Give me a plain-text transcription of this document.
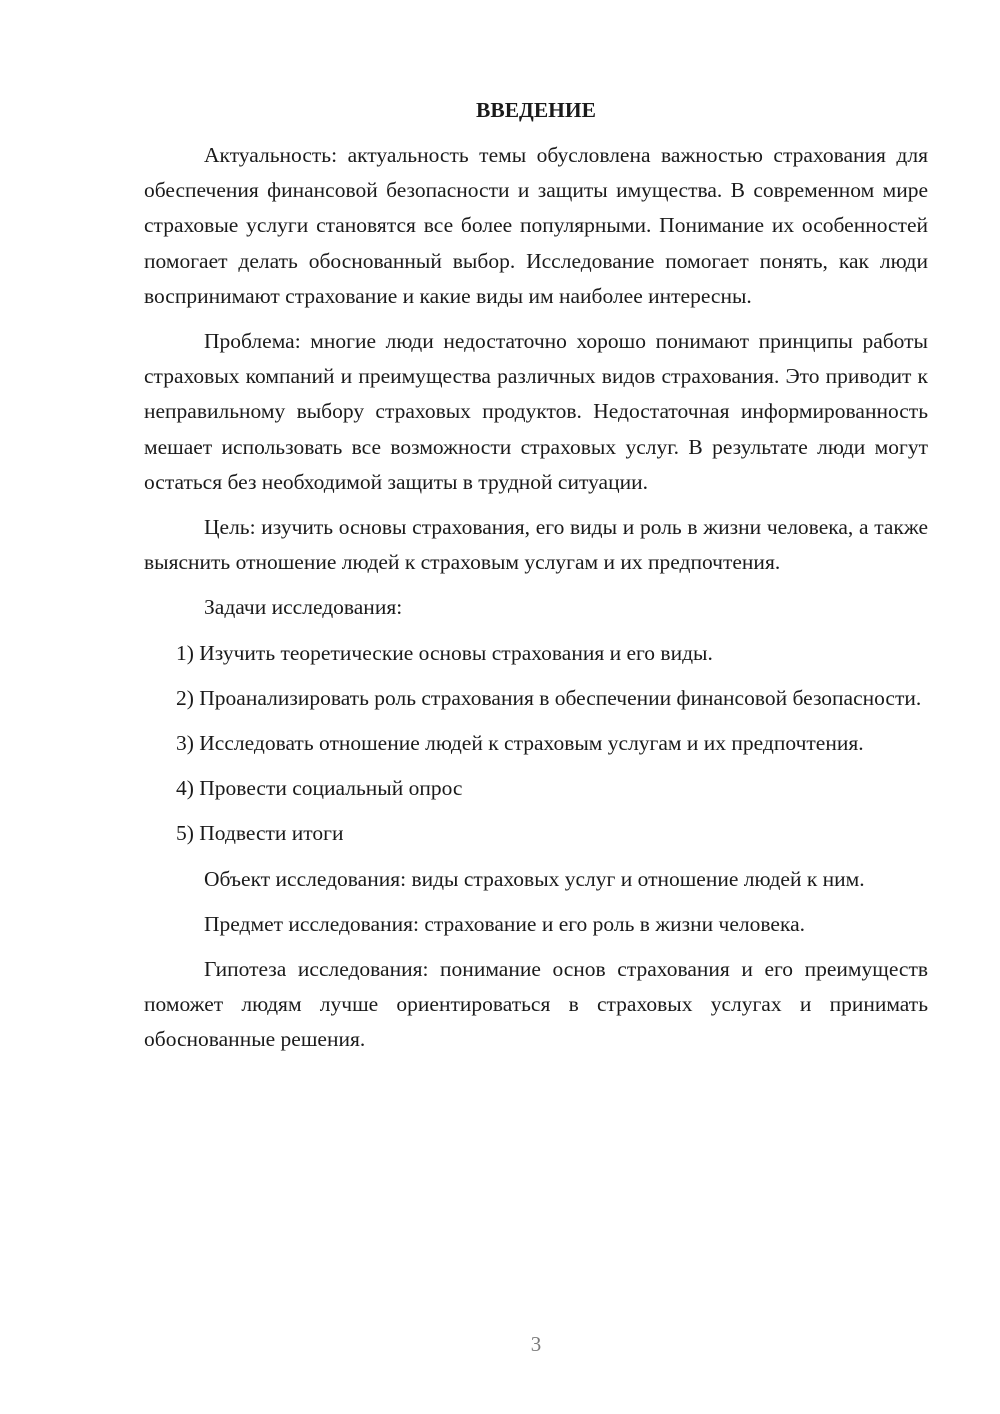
ВВЕДЕНИЕ

Актуальность: актуальность темы обусловлена важностью страхования для обеспечения финансовой безопасности и защиты имущества. В современном мире страховые услуги становятся все более популярными. Понимание их особенностей помогает делать обоснованный выбор. Исследование помогает понять, как люди воспринимают страхование и какие виды им наиболее интересны.

Проблема: многие люди недостаточно хорошо понимают принципы работы страховых компаний и преимущества различных видов страхования. Это приводит к неправильному выбору страховых продуктов. Недостаточная информированность мешает использовать все возможности страховых услуг. В результате люди могут остаться без необходимой защиты в трудной ситуации.

Цель: изучить основы страхования, его виды и роль в жизни человека, а также выяснить отношение людей к страховым услугам и их предпочтения.

Задачи исследования:

1) Изучить теоретические основы страхования и его виды.

2) Проанализировать роль страхования в обеспечении финансовой безопасности.

3) Исследовать отношение людей к страховым услугам и их предпочтения.

4) Провести социальный опрос

5) Подвести итоги

Объект исследования: виды страховых услуг и отношение людей к ним.

Предмет исследования: страхование и его роль в жизни человека.

Гипотеза исследования: понимание основ страхования и его преимуществ поможет людям лучше ориентироваться в страховых услугах и принимать обоснованные решения.

3
